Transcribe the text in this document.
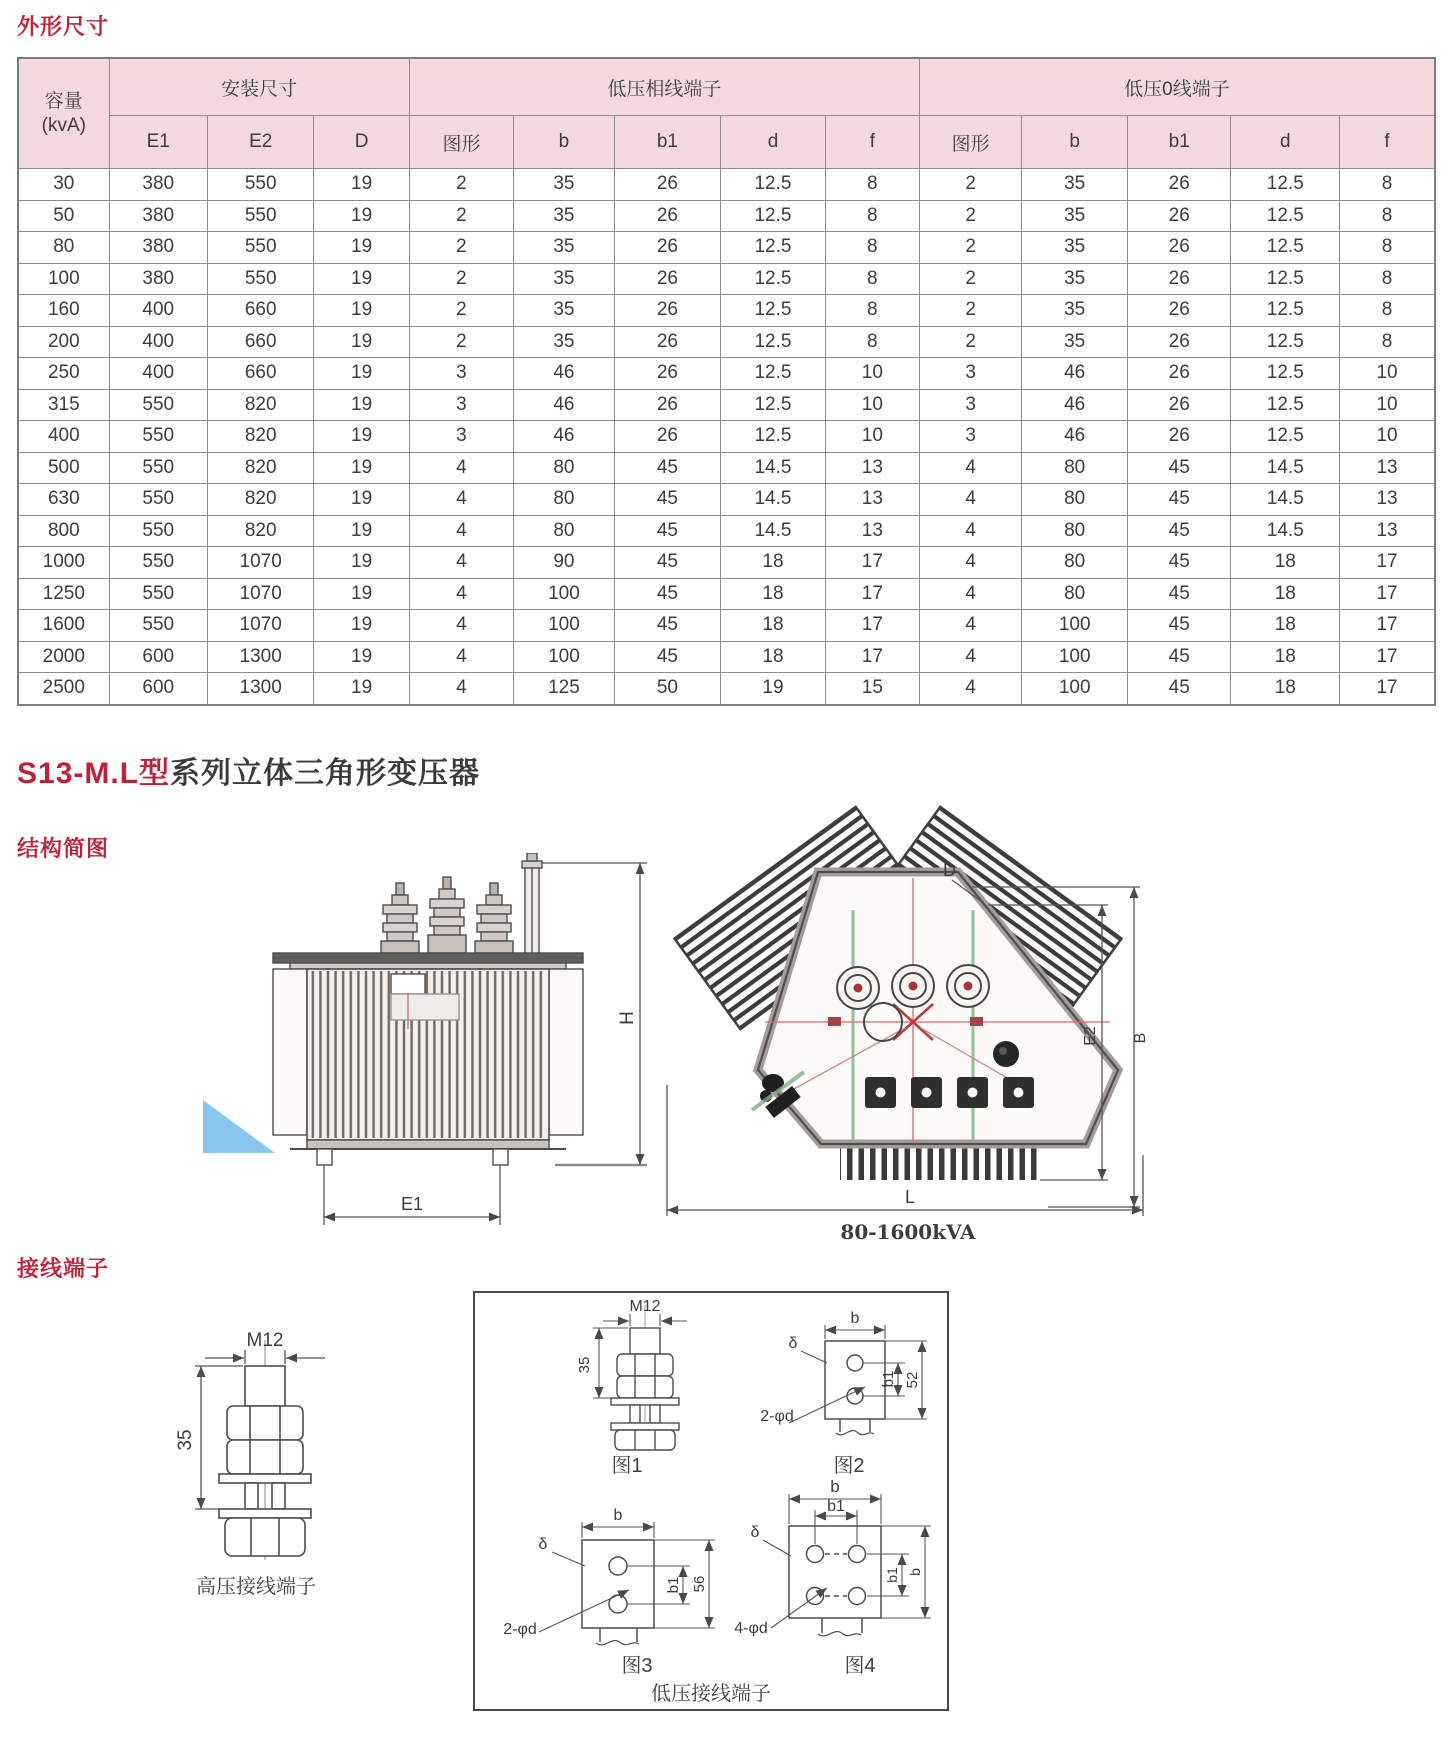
外形尺寸
容量
(kvA)	安装尺寸			低压相线端子					低压0线端子				
	E1	E2	D	图形	b	b1	d	f	图形	b	b1	d	f
30	380	550	19	2	35	26	12.5	8	2	35	26	12.5	8
50	380	550	19	2	35	26	12.5	8	2	35	26	12.5	8
80	380	550	19	2	35	26	12.5	8	2	35	26	12.5	8
100	380	550	19	2	35	26	12.5	8	2	35	26	12.5	8
160	400	660	19	2	35	26	12.5	8	2	35	26	12.5	8
200	400	660	19	2	35	26	12.5	8	2	35	26	12.5	8
250	400	660	19	3	46	26	12.5	10	3	46	26	12.5	10
315	550	820	19	3	46	26	12.5	10	3	46	26	12.5	10
400	550	820	19	3	46	26	12.5	10	3	46	26	12.5	10
500	550	820	19	4	80	45	14.5	13	4	80	45	14.5	13
630	550	820	19	4	80	45	14.5	13	4	80	45	14.5	13
800	550	820	19	4	80	45	14.5	13	4	80	45	14.5	13
1000	550	1070	19	4	90	45	18	17	4	80	45	18	17
1250	550	1070	19	4	100	45	18	17	4	80	45	18	17
1600	550	1070	19	4	100	45	18	17	4	100	45	18	17
2000	600	1300	19	4	100	45	18	17	4	100	45	18	17
2500	600	1300	19	4	125	50	19	15	4	100	45	18	17
S13-M.L型系列立体三角形变压器
结构简图
H
E1
D
E2 B
L
80-1600kVA
接线端子
M12
35
高压接线端子
M12
35
图1
b
δ
b1 52
2-φd
图2
b
δ
b1 56
2-φd
图3
b
b1
δ
b1 b
4-φd
图4
低压接线端子
